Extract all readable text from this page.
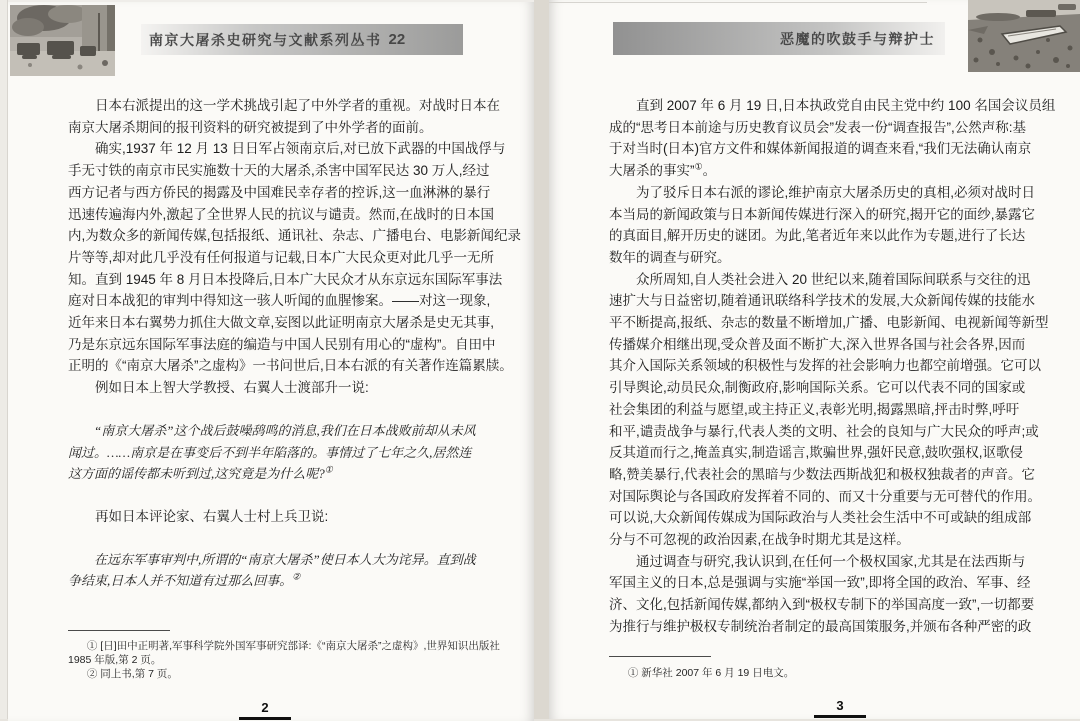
南京大屠杀史研究与文献系列丛书 22
日本右派提出的这一学术挑战引起了中外学者的重视。对战时日本在
南京大屠杀期间的报刊资料的研究被提到了中外学者的面前。
确实,1937 年 12 月 13 日日军占领南京后,对已放下武器的中国战俘与
手无寸铁的南京市民实施数十天的大屠杀,杀害中国军民达 30 万人,经过
西方记者与西方侨民的揭露及中国难民幸存者的控诉,这一血淋淋的暴行
迅速传遍海内外,激起了全世界人民的抗议与谴责。然而,在战时的日本国
内,为数众多的新闻传媒,包括报纸、通讯社、杂志、广播电台、电影新闻纪录
片等等,却对此几乎没有任何报道与记载,日本广大民众更对此几乎一无所
知。直到 1945 年 8 月日本投降后,日本广大民众才从东京远东国际军事法
庭对日本战犯的审判中得知这一骇人听闻的血腥惨案。——对这一现象,
近年来日本右翼势力抓住大做文章,妄图以此证明南京大屠杀是史无其事,
乃是东京远东国际军事法庭的编造与中国人民别有用心的“虚构”。自田中
正明的《“南京大屠杀”之虚构》一书问世后,日本右派的有关著作连篇累牍。
例如日本上智大学教授、右翼人士渡部升一说:
“南京大屠杀”这个战后鼓噪鸹鸣的消息,我们在日本战败前却从未风
闻过。……南京是在事变后不到半年陷落的。事情过了七年之久,居然连
这方面的谣传都未听到过,这究竟是为什么呢?①
再如日本评论家、右翼人士村上兵卫说:
在远东军事审判中,所谓的“南京大屠杀”使日本人大为诧异。直到战
争结束,日本人并不知道有过那么回事。②
① [日]田中正明著,军事科学院外国军事研究部译:《“南京大屠杀”之虚构》,世界知识出版社
1985 年版,第 2 页。
② 同上书,第 7 页。
2
恶魔的吹鼓手与辩护士
直到 2007 年 6 月 19 日,日本执政党自由民主党中约 100 名国会议员组
成的“思考日本前途与历史教育议员会”发表一份“调查报告”,公然声称:基
于对当时(日本)官方文件和媒体新闻报道的调查来看,“我们无法确认南京
大屠杀的事实”①。
为了驳斥日本右派的谬论,维护南京大屠杀历史的真相,必须对战时日
本当局的新闻政策与日本新闻传媒进行深入的研究,揭开它的面纱,暴露它
的真面目,解开历史的谜团。为此,笔者近年来以此作为专题,进行了长达
数年的调查与研究。
众所周知,自人类社会进入 20 世纪以来,随着国际间联系与交往的迅
速扩大与日益密切,随着通讯联络科学技术的发展,大众新闻传媒的技能水
平不断提高,报纸、杂志的数量不断增加,广播、电影新闻、电视新闻等新型
传播媒介相继出现,受众普及面不断扩大,深入世界各国与社会各界,因而
其介入国际关系领域的积极性与发挥的社会影响力也都空前增强。它可以
引导舆论,动员民众,制衡政府,影响国际关系。它可以代表不同的国家或
社会集团的利益与愿望,或主持正义,表彰光明,揭露黑暗,抨击时弊,呼吁
和平,谴责战争与暴行,代表人类的文明、社会的良知与广大民众的呼声;或
反其道而行之,掩盖真实,制造谣言,欺骗世界,强奸民意,鼓吹强权,讴歌侵
略,赞美暴行,代表社会的黑暗与少数法西斯战犯和极权独裁者的声音。它
对国际舆论与各国政府发挥着不同的、而又十分重要与无可替代的作用。
可以说,大众新闻传媒成为国际政治与人类社会生活中不可或缺的组成部
分与不可忽视的政治因素,在战争时期尤其是这样。
通过调查与研究,我认识到,在任何一个极权国家,尤其是在法西斯与
军国主义的日本,总是强调与实施“举国一致”,即将全国的政治、军事、经
济、文化,包括新闻传媒,都纳入到“极权专制下的举国高度一致”,一切都要
为推行与维护极权专制统治者制定的最高国策服务,并颁布各种严密的政
① 新华社 2007 年 6 月 19 日电文。
3
